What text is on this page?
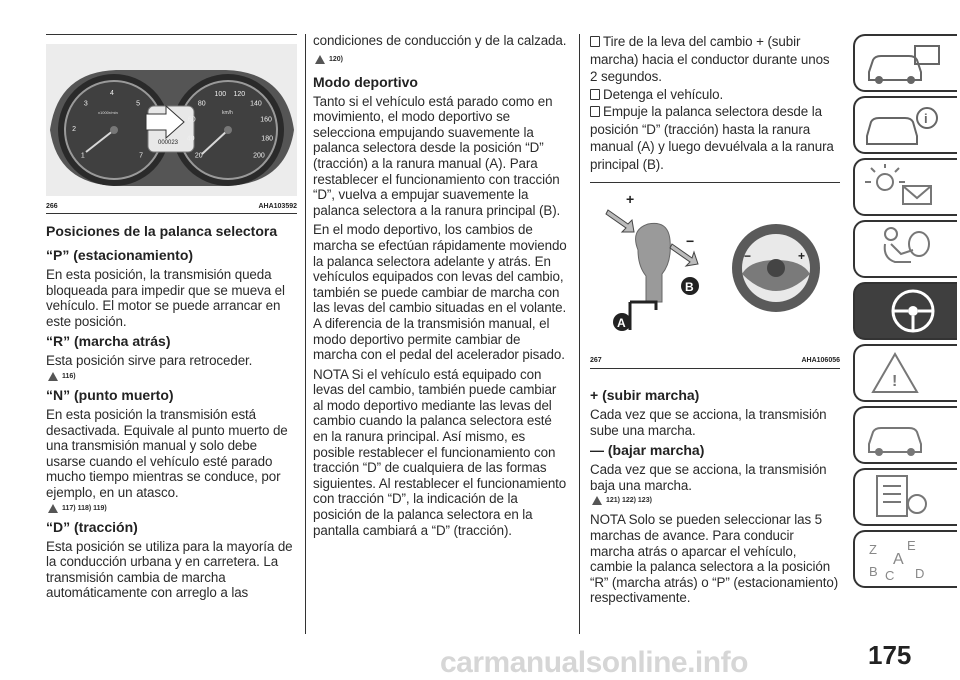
000023
1
2
3
4
5
7	20
40
60
80
100 120
140
160
180
200
x1000r/min	km/h
266	AHA103592

Posiciones de la palanca selectora

“P” (estacionamiento)

En esta posición, la transmisión queda bloqueada para impedir que se mueva el vehículo. El motor se puede arrancar en este posición.

“R” (marcha atrás)

Esta posición sirve para retroceder.

116)

“N” (punto muerto)

En esta posición la transmisión está desactivada. Equivale al punto muerto de una transmisión manual y solo debe usarse cuando el vehículo esté parado mucho tiempo mientras se conduce, por ejemplo, en un atasco.

117) 118) 119)

“D” (tracción)

Esta posición se utiliza para la mayoría de la conducción urbana y en carretera. La transmisión cambia de marcha automáticamente con arreglo a las

condiciones de conducción y de la calzada.

120)

Modo deportivo

Tanto si el vehículo está parado como en movimiento, el modo deportivo se selecciona empujando suavemente la palanca selectora desde la posición “D” (tracción) a la ranura manual (A). Para restablecer el funcionamiento con tracción “D”, vuelva a empujar suavemente la palanca selectora a la ranura principal (B).

En el modo deportivo, los cambios de marcha se efectúan rápidamente moviendo la palanca selectora adelante y atrás. En vehículos equipados con levas del cambio, también se puede cambiar de marcha con las levas del cambio situadas en el volante. A diferencia de la transmisión manual, el modo deportivo permite cambiar de marcha con el pedal del acelerador pisado.

NOTA Si el vehículo está equipado con levas del cambio, también puede cambiar al modo deportivo mediante las levas del cambio cuando la palanca selectora esté en la ranura principal. Así mismo, es posible restablecer el funcionamiento con tracción “D” de cualquiera de las formas siguientes. Al restablecer el funcionamiento con tracción “D”, la indicación de la posición de la palanca selectora en la pantalla cambiará a “D” (tracción).

Tire de la leva del cambio + (subir marcha) hacia el conductor durante unos 2 segundos.

Detenga el vehículo.

Empuje la palanca selectora desde la posición “D” (tracción) hasta la ranura manual (A) y luego devuélvala a la ranura principal (B).

+
−
B
A
−	+
267	AHA106056

+ (subir marcha)

Cada vez que se acciona, la transmisión sube una marcha.

— (bajar marcha)

Cada vez que se acciona, la transmisión baja una marcha.

121) 122) 123)

NOTA Solo se pueden seleccionar las 5 marchas de avance. Para conducir marcha atrás o aparcar el vehículo, cambie la palanca selectora a la posición “R” (marcha atrás) o “P” (estacionamiento) respectivamente.

i
!
Z E
A
B C D
175
carmanualsonline.info
